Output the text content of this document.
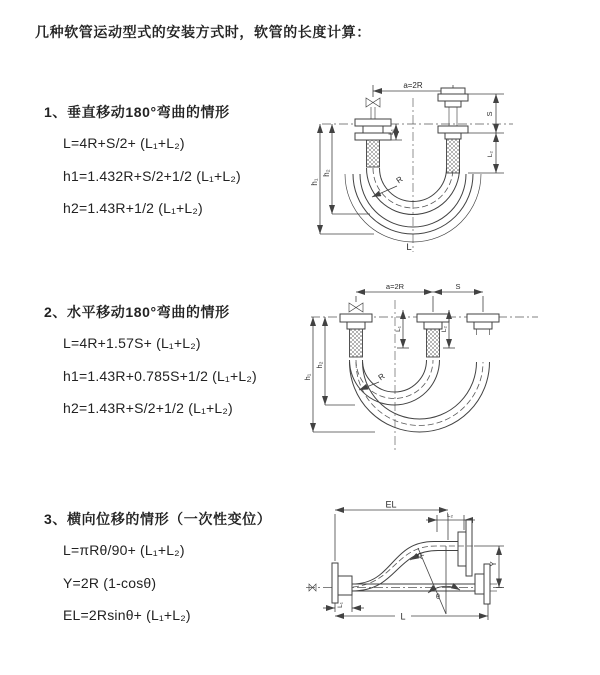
几种软管运动型式的安装方式时，软管的长度计算：
1、垂直移动180°弯曲的情形
L=4R+S/2+ (L₁+L₂)
h1=1.432R+S/2+1/2 (L₁+L₂)
h2=1.43R+1/2 (L₁+L₂)
2、水平移动180°弯曲的情形
L=4R+1.57S+ (L₁+L₂)
h1=1.43R+0.785S+1/2 (L₁+L₂)
h2=1.43R+S/2+1/2 (L₁+L₂)
3、横向位移的情形（一次性变位）
L=πRθ/90+ (L₁+L₂)
Y=2R (1-cosθ)
EL=2Rsinθ+ (L₁+L₂)
a=2R
h₁
h₂
L₁
S
L₂
R
L
a=2R	S
h₁
h₂
L₁	L₂
R
EL
L₂
L₁
L
Y
θ
R
